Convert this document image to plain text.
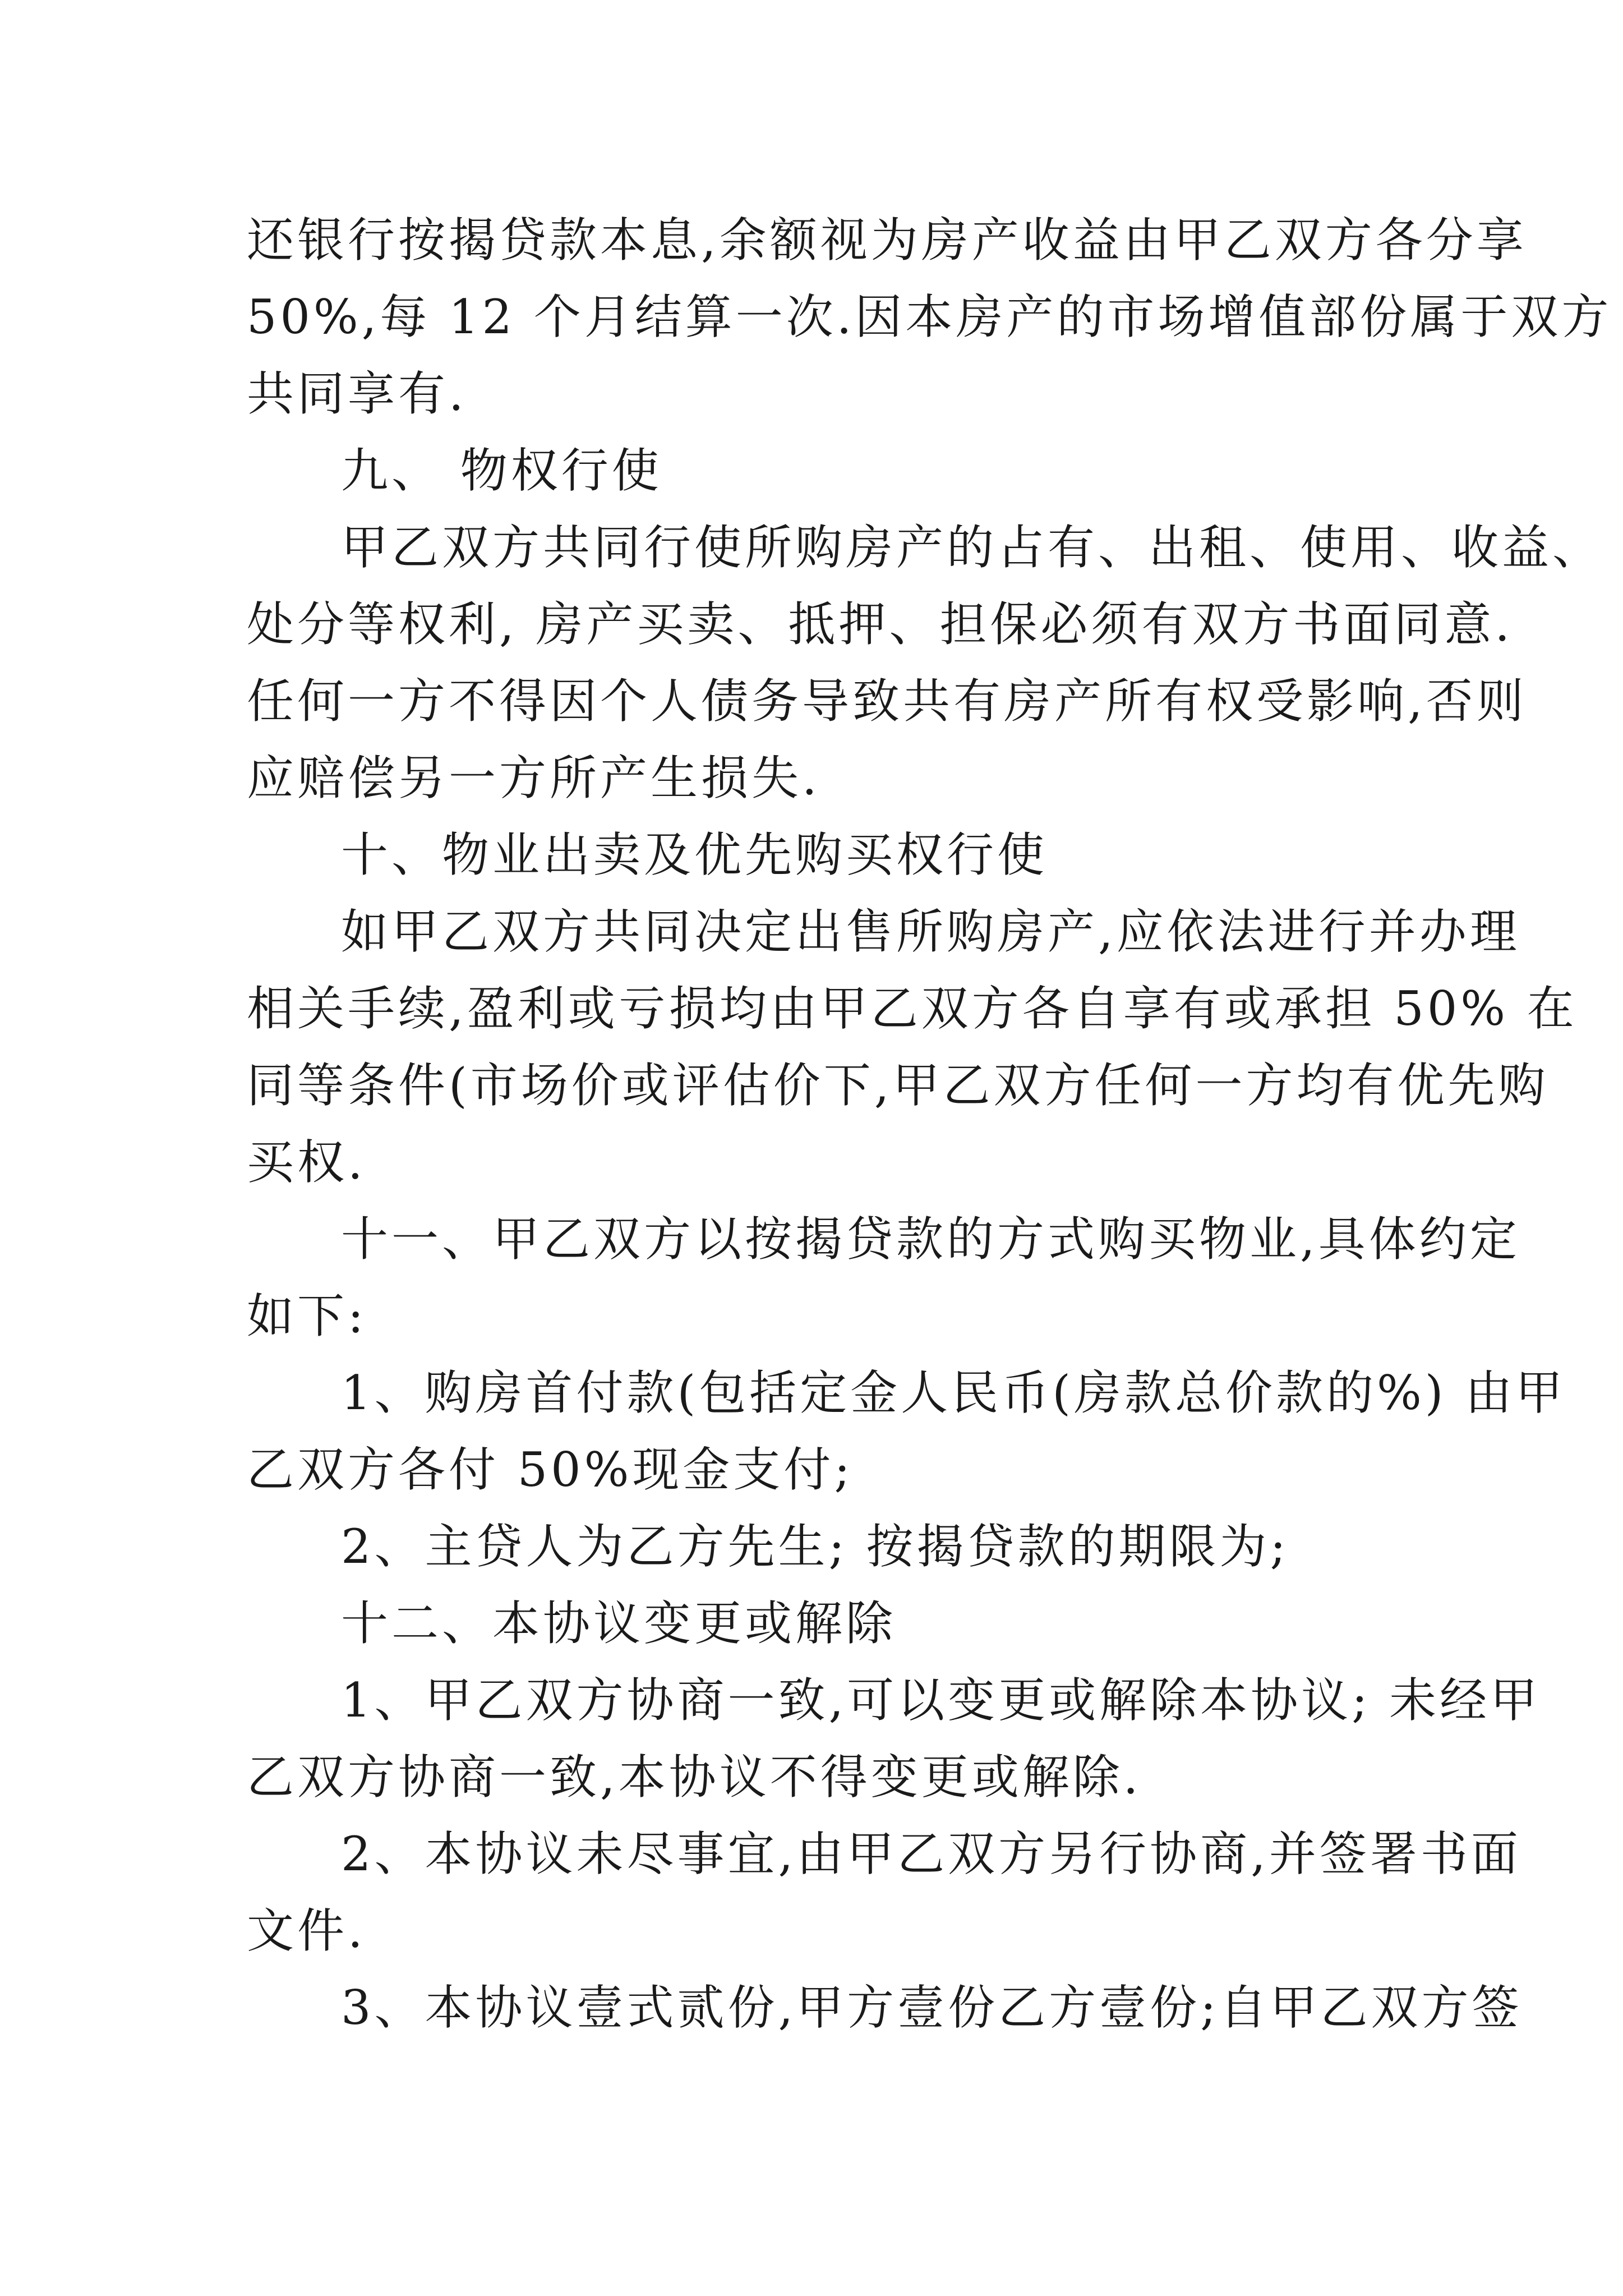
还银行按揭贷款本息,余额视为房产收益由甲乙双方各分享
50%,每 12 个月结算一次.因本房产的市场增值部份属于双方
共同享有.
九、 物权行使
甲乙双方共同行使所购房产的占有、出租、使用、收益、
处分等权利, 房产买卖、抵押、担保必须有双方书面同意.
任何一方不得因个人债务导致共有房产所有权受影响,否则
应赔偿另一方所产生损失.
十、物业出卖及优先购买权行使
如甲乙双方共同决定出售所购房产,应依法进行并办理
相关手续,盈利或亏损均由甲乙双方各自享有或承担 50% 在
同等条件(市场价或评估价下,甲乙双方任何一方均有优先购
买权.
十一、甲乙双方以按揭贷款的方式购买物业,具体约定
如下:
1、购房首付款(包括定金人民币(房款总价款的%) 由甲
乙双方各付 50%现金支付;
2、主贷人为乙方先生; 按揭贷款的期限为;
十二、本协议变更或解除
1、甲乙双方协商一致,可以变更或解除本协议; 未经甲
乙双方协商一致,本协议不得变更或解除.
2、本协议未尽事宜,由甲乙双方另行协商,并签署书面
文件.
3、本协议壹式贰份,甲方壹份乙方壹份;自甲乙双方签
